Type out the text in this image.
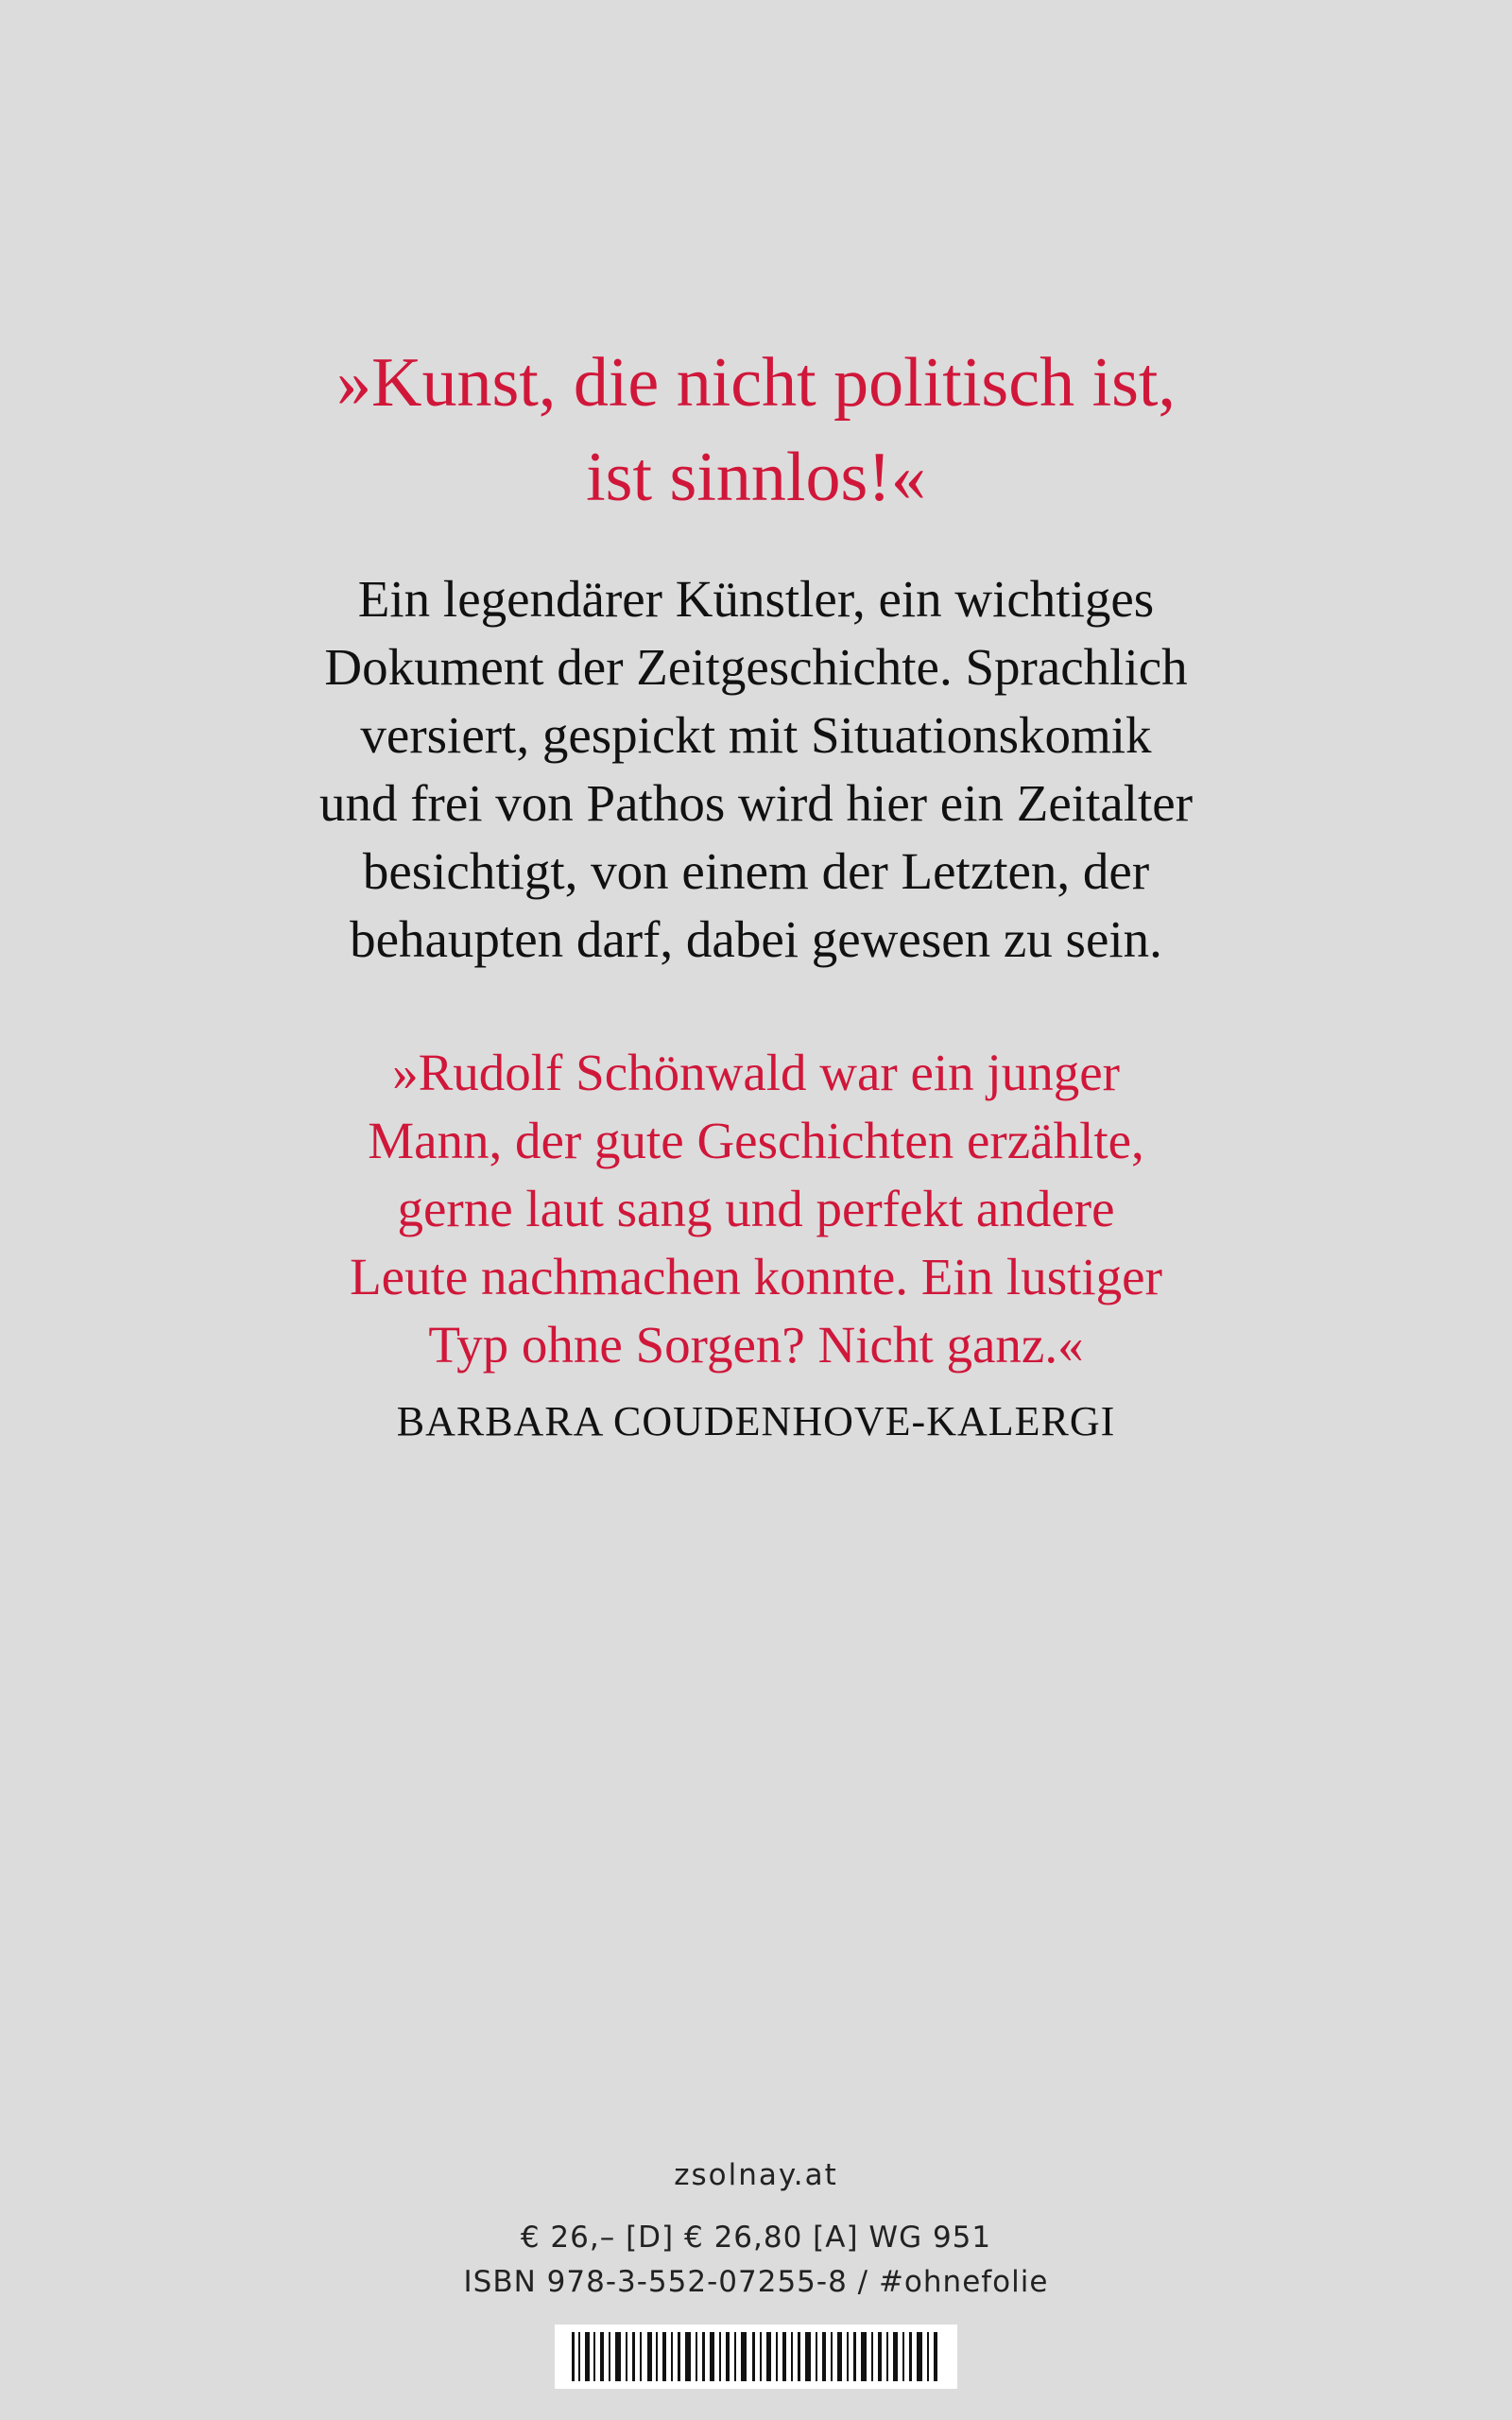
»Kunst, die nicht politisch ist,
ist sinnlos!«
Ein legendärer Künstler, ein wichtiges
Dokument der Zeitgeschichte. Sprachlich
versiert, gespickt mit Situationskomik
und frei von Pathos wird hier ein Zeitalter
besichtigt, von einem der Letzten, der
behaupten darf, dabei gewesen zu sein.
»Rudolf Schönwald war ein junger
Mann, der gute Geschichten erzählte,
gerne laut sang und perfekt andere
Leute nachmachen konnte. Ein lustiger
Typ ohne Sorgen? Nicht ganz.«
BARBARA COUDENHOVE-KALERGI
zsolnay.at
€ 26,– [D] € 26,80 [A] WG 951
ISBN 978-3-552-07255-8 / #ohnefolie
